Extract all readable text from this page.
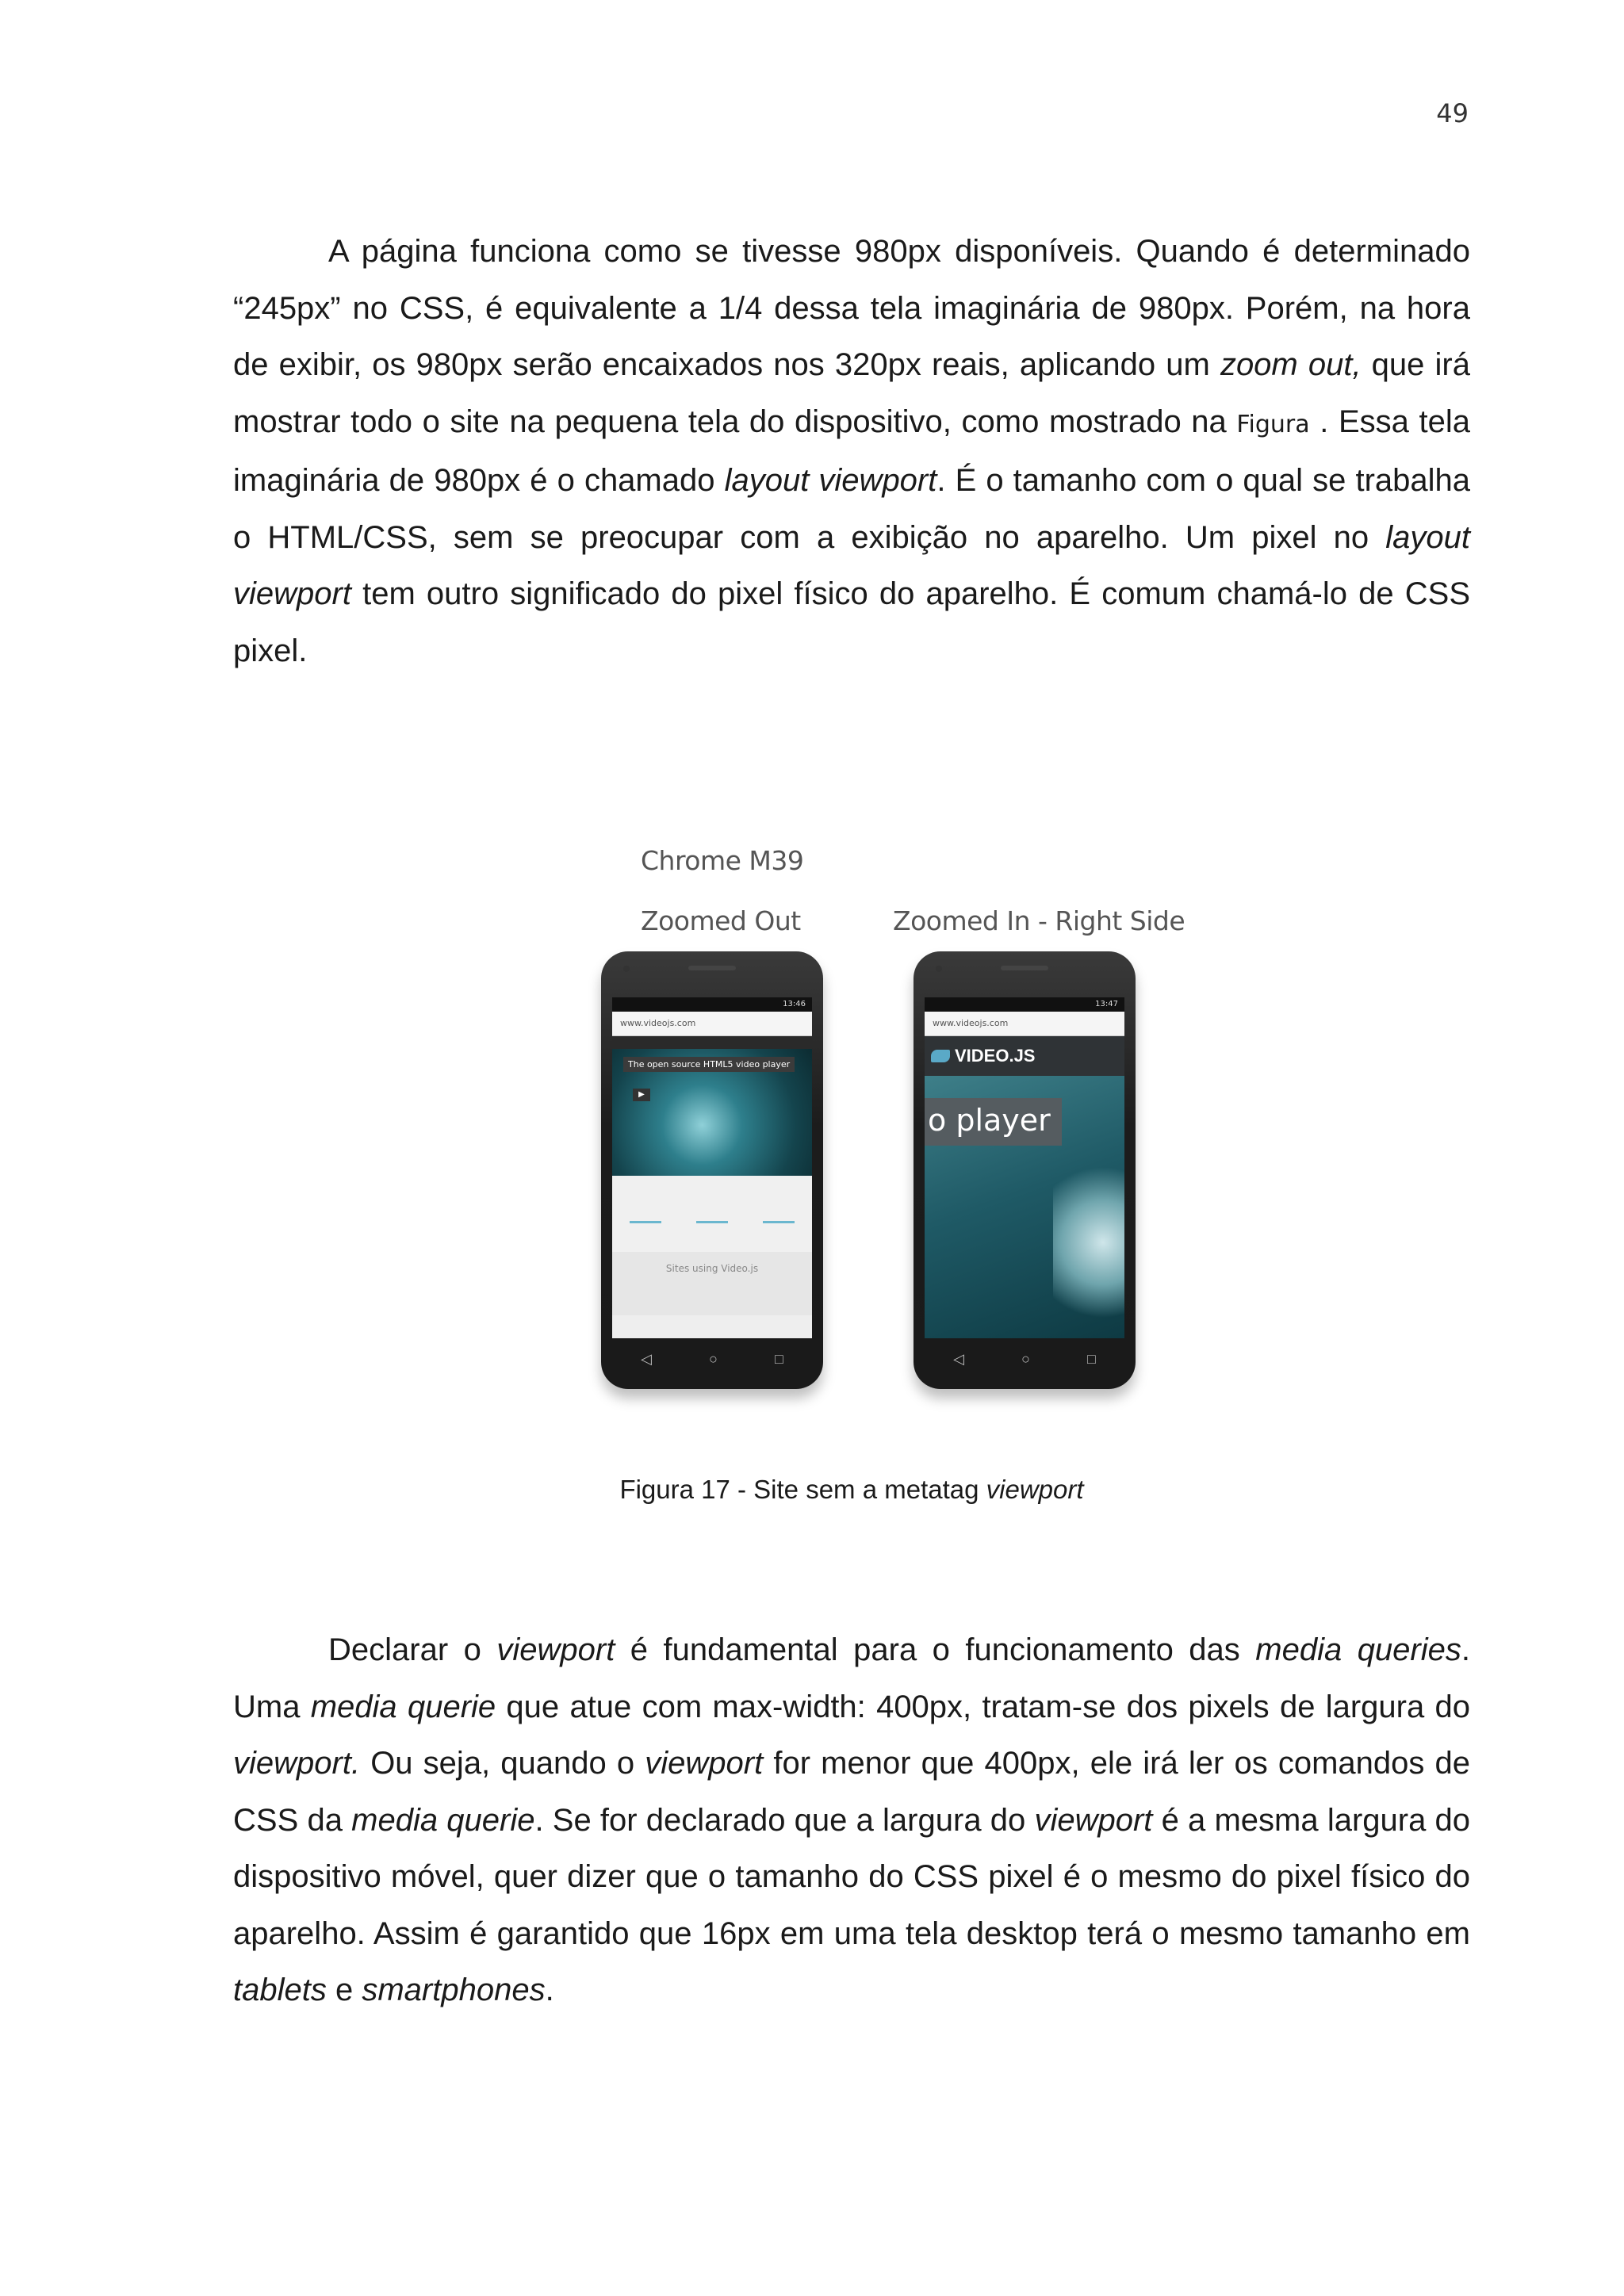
49

A página funciona como se tivesse 980px disponíveis. Quando é determinado “245px” no CSS, é equivalente a 1/4 dessa tela imaginária de 980px. Porém, na hora de exibir, os 980px serão encaixados nos 320px reais, aplicando um zoom out, que irá mostrar todo o site na pequena tela do dispositivo, como mostrado na Figura . Essa tela imaginária de 980px é o chamado layout viewport. É o tamanho com o qual se trabalha o HTML/CSS, sem se preocupar com a exibição no aparelho. Um pixel no layout viewport tem outro significado do pixel físico do aparelho. É comum chamá-lo de CSS pixel.

Chrome M39
Zoomed Out	Zoomed In - Right Side
13:46
www.videojs.com
The open source HTML5 video player
▶
Sites using Video.js
◁	○	□
13:47
www.videojs.com
VIDEO.JS
o player
◁	○	□
Figura 17 - Site sem a metatag viewport

Declarar o viewport é fundamental para o funcionamento das media queries. Uma media querie que atue com max-width: 400px, tratam-se dos pixels de largura do viewport. Ou seja, quando o viewport for menor que 400px, ele irá ler os comandos de CSS da media querie. Se for declarado que a largura do viewport é a mesma largura do dispositivo móvel, quer dizer que o tamanho do CSS pixel é o mesmo do pixel físico do aparelho. Assim é garantido que 16px em uma tela desktop terá o mesmo tamanho em tablets e smartphones.
